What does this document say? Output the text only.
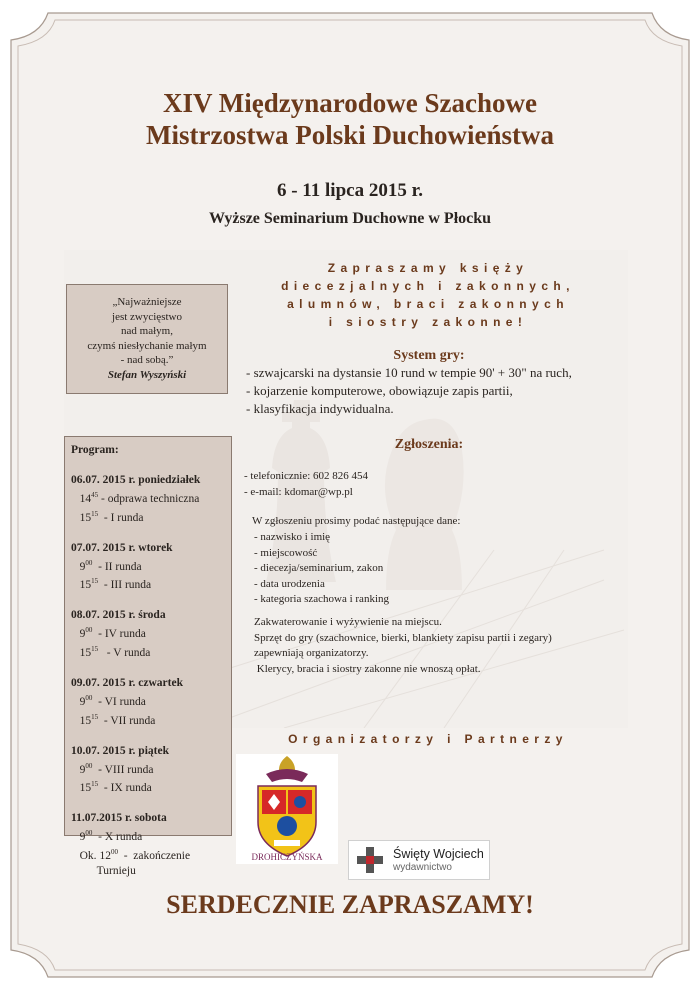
XIV Międzynarodowe Szachowe
Mistrzostwa Polski Duchowieństwa
6 - 11 lipca 2015 r.
Wyższe Seminarium Duchowne w Płocku
„Najważniejsze
jest zwycięstwo
nad małym,
czymś niesłychanie małym
- nad sobą.”
Stefan Wyszyński
Zapraszamy księży
diecezjalnych i zakonnych,
alumnów, braci zakonnych
i siostry zakonne!
System gry:
- szwajcarski na dystansie 10 rund w tempie 90' + 30" na ruch,
- kojarzenie komputerowe, obowiązuje zapis partii,
- klasyfikacja indywidualna.
Zgłoszenia:
- telefonicznie: 602 826 454
- e-mail: kdomar@wp.pl
W zgłoszeniu prosimy podać następujące dane:
- nazwisko i imię
- miejscowość
- diecezja/seminarium, zakon
- data urodzenia
- kategoria szachowa i ranking
Zakwaterowanie i wyżywienie na miejscu.
Sprzęt do gry (szachownice, bierki, blankiety zapisu partii i zegary)
zapewniają organizatorzy.
Klerycy, bracia i siostry zakonne nie wnoszą opłat.
Program:
06.07. 2015 r. poniedziałek
$14^{45}$ - odprawa techniczna
$15^{15}$  - I runda
07.07. 2015 r. wtorek
$9^{00}$  - II runda
$15^{15}$  - III runda
08.07. 2015 r. środa
$9^{00}$  - IV runda
$15^{15}$   - V runda
09.07. 2015 r. czwartek
$9^{00}$  - VI runda
$15^{15}$  - VII runda
10.07. 2015 r. piątek
$9^{00}$  - VIII runda
$15^{15}$  - IX runda
11.07.2015 r. sobota
$9^{00}$  - X runda
Ok. $12^{00}$  -  zakończenie
Turnieju
Organizatorzy i Partnerzy
DROHICZYŃSKA	Święty Wojciech
wydawnictwo
SERDECZNIE ZAPRASZAMY!
